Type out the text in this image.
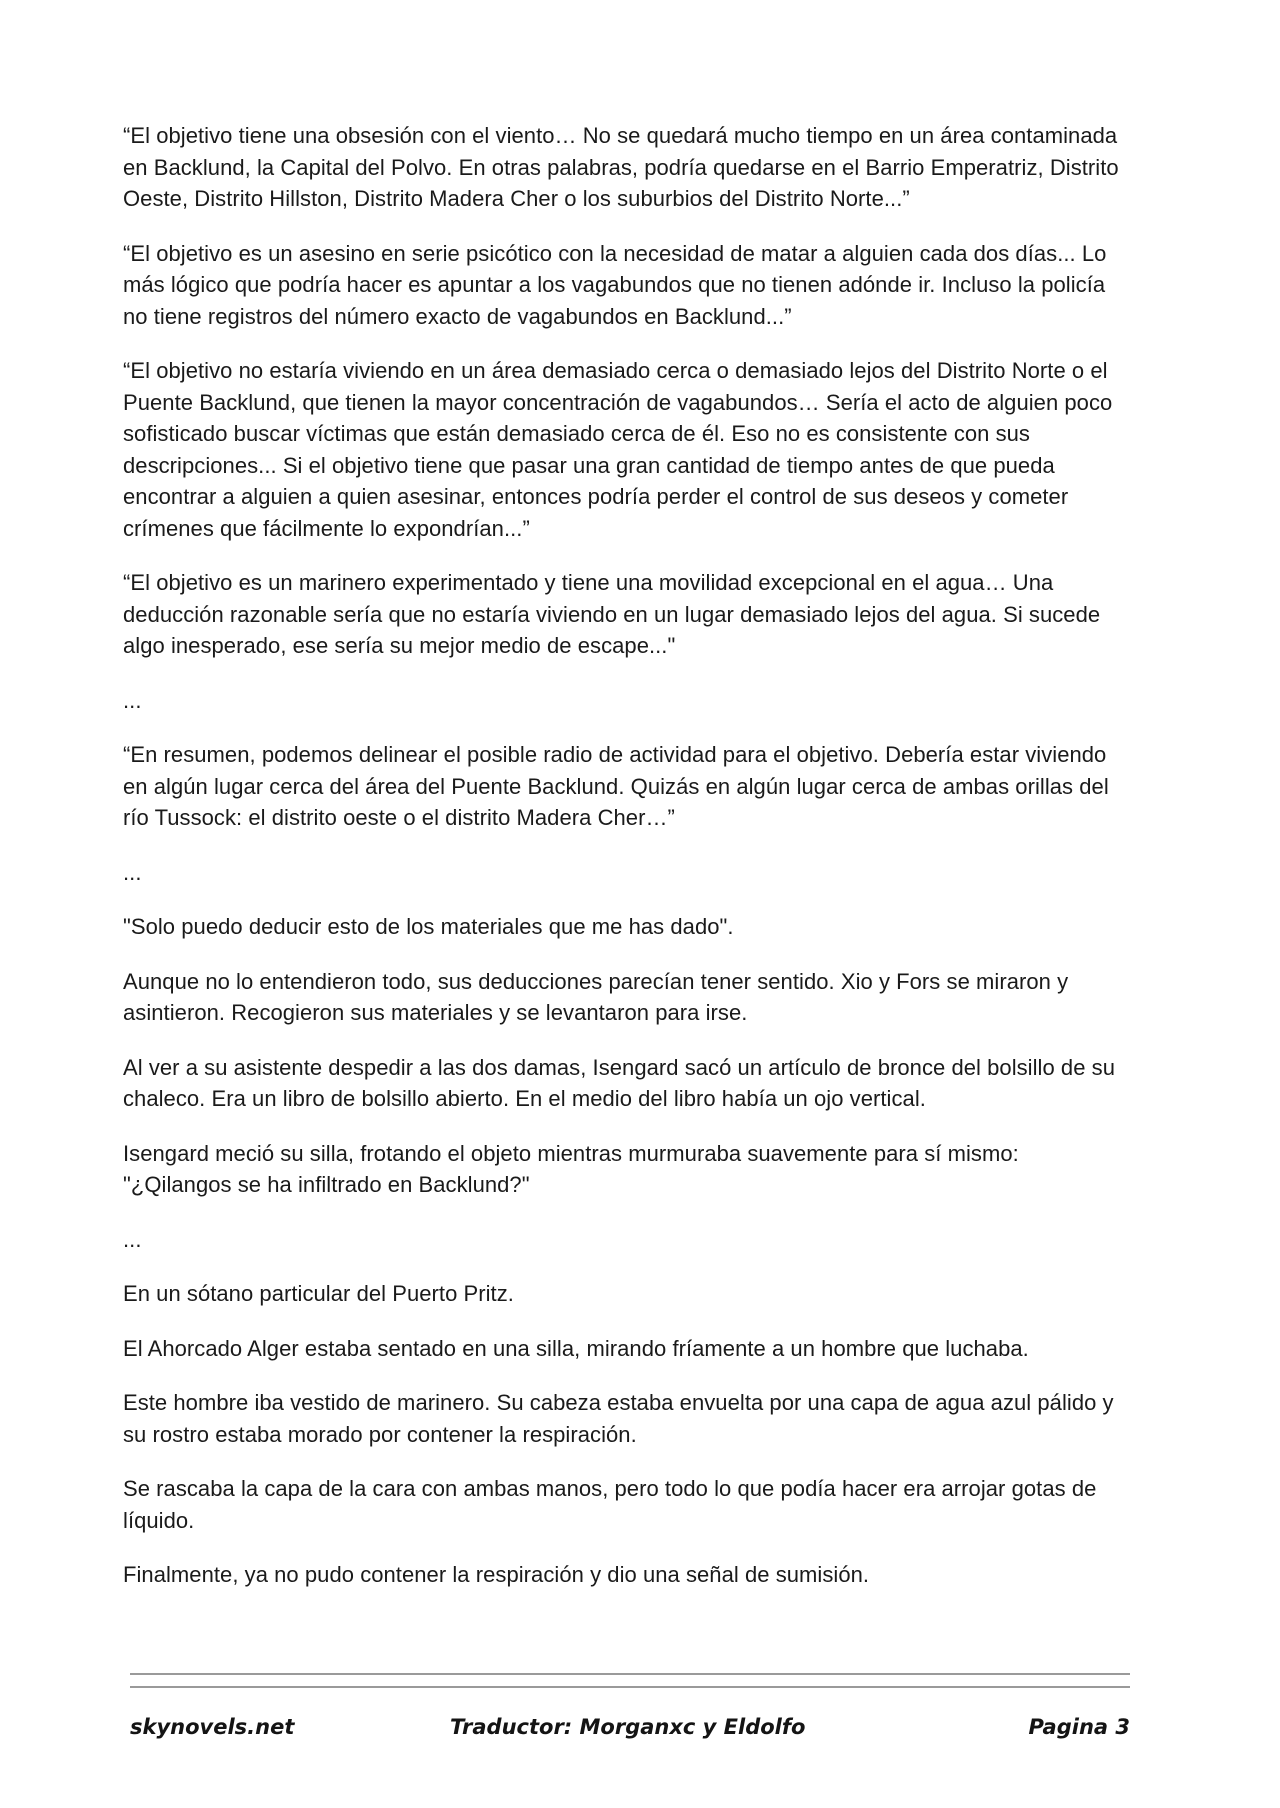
“El objetivo tiene una obsesión con el viento… No se quedará mucho tiempo en un área contaminada en Backlund, la Capital del Polvo. En otras palabras, podría quedarse en el Barrio Emperatriz, Distrito Oeste, Distrito Hillston, Distrito Madera Cher o los suburbios del Distrito Norte...”

“El objetivo es un asesino en serie psicótico con la necesidad de matar a alguien cada dos días... Lo más lógico que podría hacer es apuntar a los vagabundos que no tienen adónde ir. Incluso la policía no tiene registros del número exacto de vagabundos en Backlund...”

“El objetivo no estaría viviendo en un área demasiado cerca o demasiado lejos del Distrito Norte o el Puente Backlund, que tienen la mayor concentración de vagabundos… Sería el acto de alguien poco sofisticado buscar víctimas que están demasiado cerca de él. Eso no es consistente con sus descripciones... Si el objetivo tiene que pasar una gran cantidad de tiempo antes de que pueda encontrar a alguien a quien asesinar, entonces podría perder el control de sus deseos y cometer crímenes que fácilmente lo expondrían...”

“El objetivo es un marinero experimentado y tiene una movilidad excepcional en el agua… Una deducción razonable sería que no estaría viviendo en un lugar demasiado lejos del agua. Si sucede algo inesperado, ese sería su mejor medio de escape..."

...

“En resumen, podemos delinear el posible radio de actividad para el objetivo. Debería estar viviendo en algún lugar cerca del área del Puente Backlund. Quizás en algún lugar cerca de ambas orillas del río Tussock: el distrito oeste o el distrito Madera Cher…”

...

"Solo puedo deducir esto de los materiales que me has dado".

Aunque no lo entendieron todo, sus deducciones parecían tener sentido. Xio y Fors se miraron y asintieron. Recogieron sus materiales y se levantaron para irse.

Al ver a su asistente despedir a las dos damas, Isengard sacó un artículo de bronce del bolsillo de su chaleco. Era un libro de bolsillo abierto. En el medio del libro había un ojo vertical.

Isengard meció su silla, frotando el objeto mientras murmuraba suavemente para sí mismo: "¿Qilangos se ha infiltrado en Backlund?"

...

En un sótano particular del Puerto Pritz.

El Ahorcado Alger estaba sentado en una silla, mirando fríamente a un hombre que luchaba.

Este hombre iba vestido de marinero. Su cabeza estaba envuelta por una capa de agua azul pálido y su rostro estaba morado por contener la respiración.

Se rascaba la capa de la cara con ambas manos, pero todo lo que podía hacer era arrojar gotas de líquido.

Finalmente, ya no pudo contener la respiración y dio una señal de sumisión.

skynovels.net	Traductor: Morganxc y Eldolfo	Pagina 3
